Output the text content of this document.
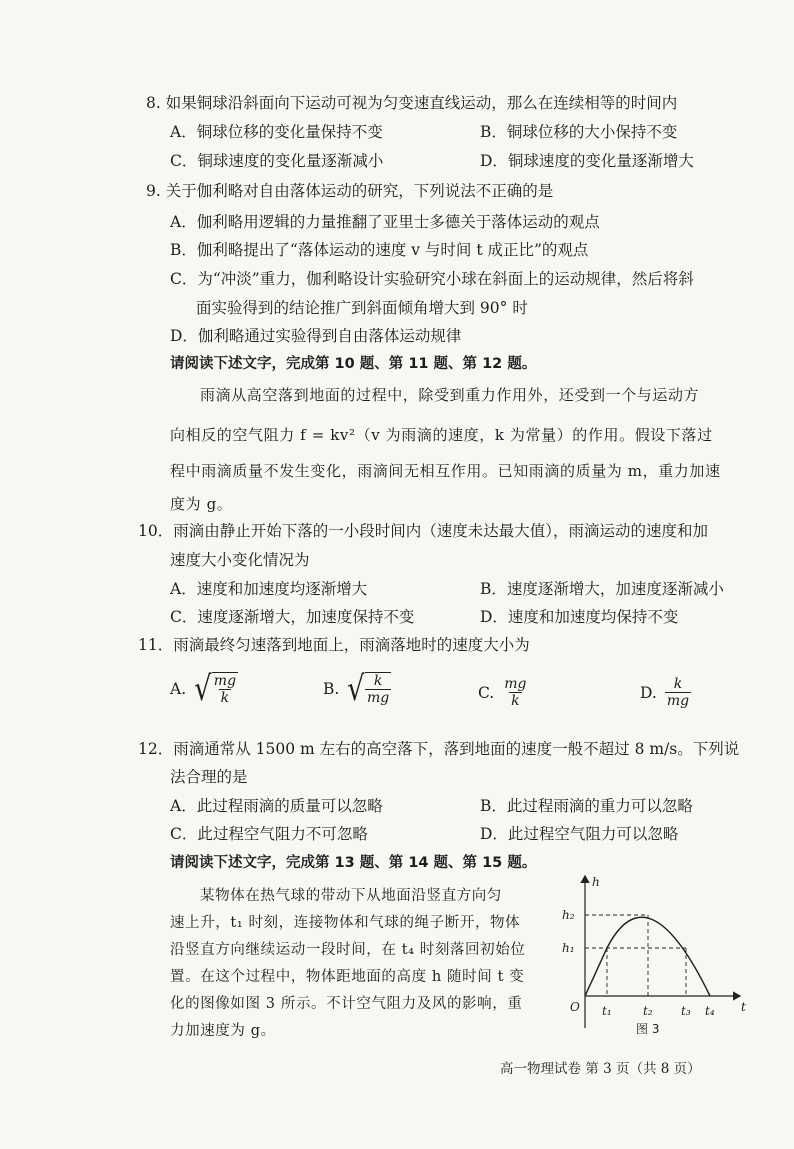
8. 如果铜球沿斜面向下运动可视为匀变速直线运动，那么在连续相等的时间内
A．铜球位移的变化量保持不变	B．铜球位移的大小保持不变
C．铜球速度的变化量逐渐减小	D．铜球速度的变化量逐渐增大
9. 关于伽利略对自由落体运动的研究，下列说法不正确的是
A．伽利略用逻辑的力量推翻了亚里士多德关于落体运动的观点
B．伽利略提出了“落体运动的速度 v 与时间 t 成正比”的观点
C．为“冲淡”重力，伽利略设计实验研究小球在斜面上的运动规律，然后将斜
面实验得到的结论推广到斜面倾角增大到 90° 时
D．伽利略通过实验得到自由落体运动规律
请阅读下述文字，完成第 10 题、第 11 题、第 12 题。
雨滴从高空落到地面的过程中，除受到重力作用外，还受到一个与运动方
向相反的空气阻力 f = kv²（v 为雨滴的速度，k 为常量）的作用。假设下落过
程中雨滴质量不发生变化，雨滴间无相互作用。已知雨滴的质量为 m，重力加速
度为 g。
10．雨滴由静止开始下落的一小段时间内（速度未达最大值），雨滴运动的速度和加
速度大小变化情况为
A．速度和加速度均逐渐增大	B．速度逐渐增大，加速度逐渐减小
C．速度逐渐增大，加速度保持不变	D．速度和加速度均保持不变
11．雨滴最终匀速落到地面上，雨滴落地时的速度大小为
A. √ $\frac{mg}{k}$	B. √ $\frac{k}{mg}$	C. $\frac{mg}{k}$	D. $\frac{k}{mg}$
12．雨滴通常从 1500 m 左右的高空落下，落到地面的速度一般不超过 8 m/s。下列说
法合理的是
A．此过程雨滴的质量可以忽略	B．此过程雨滴的重力可以忽略
C．此过程空气阻力不可忽略	D．此过程空气阻力可以忽略
请阅读下述文字，完成第 13 题、第 14 题、第 15 题。
某物体在热气球的带动下从地面沿竖直方向匀
速上升，t₁ 时刻，连接物体和气球的绳子断开，物体
沿竖直方向继续运动一段时间，在 t₄ 时刻落回初始位
置。在这个过程中，物体距地面的高度 h 随时间 t 变
化的图像如图 3 所示。不计空气阻力及风的影响，重
力加速度为 g。
h
t
O
h₂
h₁
t₁	t₂ t₃ t₄
图 3
高一物理试卷 第 3 页（共 8 页）
